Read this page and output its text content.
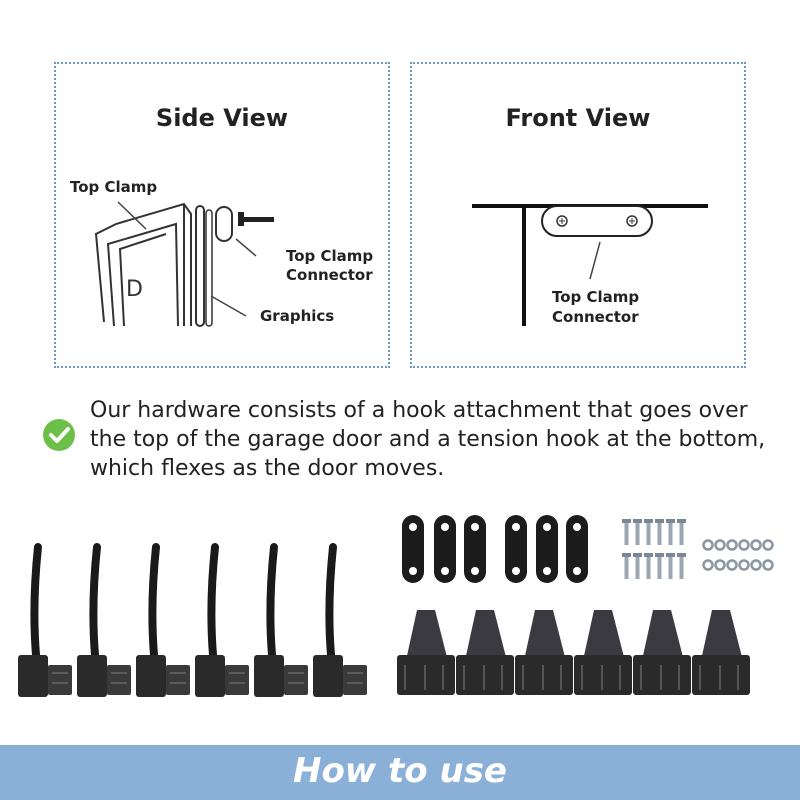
Side View
D
Top Clamp
Top Clamp
Connector
Graphics
Front View
Top Clamp
Connector
Our hardware consists of a hook attachment that goes over the top of the garage door and a tension hook at the bottom, which flexes as the door moves.
How to use
